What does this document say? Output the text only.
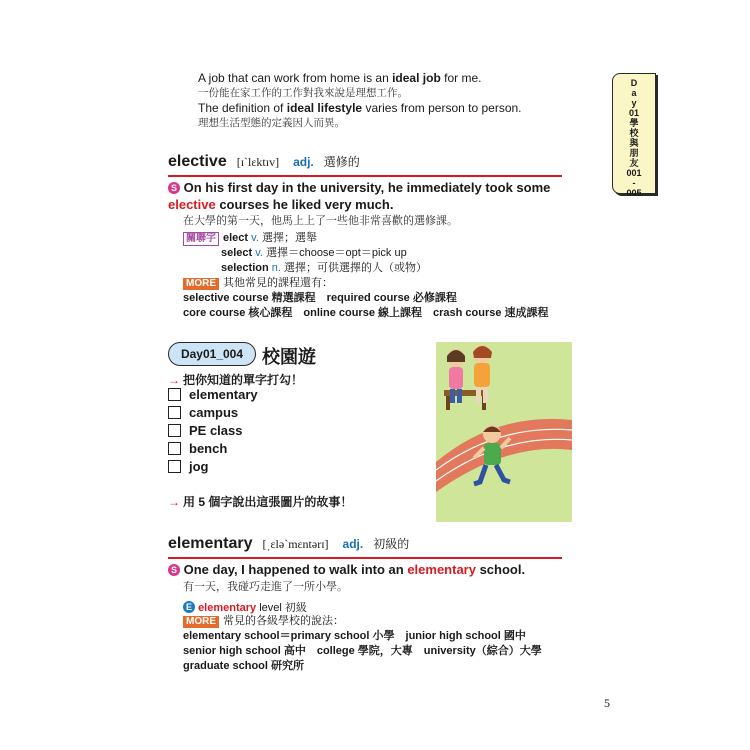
A job that can work from home is an ideal job for me.
一份能在家工作的工作對我來說是理想工作。
The definition of ideal lifestyle varies from person to person.
理想生活型態的定義因人而異。
D
a
y
01
學
校
與
朋
友
001
-
005
elective [ɪˋlɛktɪv] adj. 選修的
S On his first day in the university, he immediately took some
elective courses he liked very much.
在大學的第一天，他馬上上了一些他非常喜歡的選修課。
關聯字 elect v. 選擇；選舉
select v. 選擇＝choose＝opt＝pick up
selection n. 選擇；可供選擇的人（或物）
MORE 其他常見的課程還有：
selective course 精選課程　required course 必修課程
core course 核心課程　online course 線上課程　crash course 速成課程
Day01_004	校園遊
→ 把你知道的單字打勾！
elementary
campus
PE class
bench
jog
→ 用 5 個字說出這張圖片的故事！
elementary [͵ɛləˋmɛntərɪ] adj. 初級的
S One day, I happened to walk into an elementary school.
有一天，我碰巧走進了一所小學。
E elementary level 初級
MORE 常見的各級學校的說法：
elementary school＝primary school 小學　junior high school 國中
senior high school 高中　college 學院，大專　university（綜合）大學
graduate school 研究所
5
